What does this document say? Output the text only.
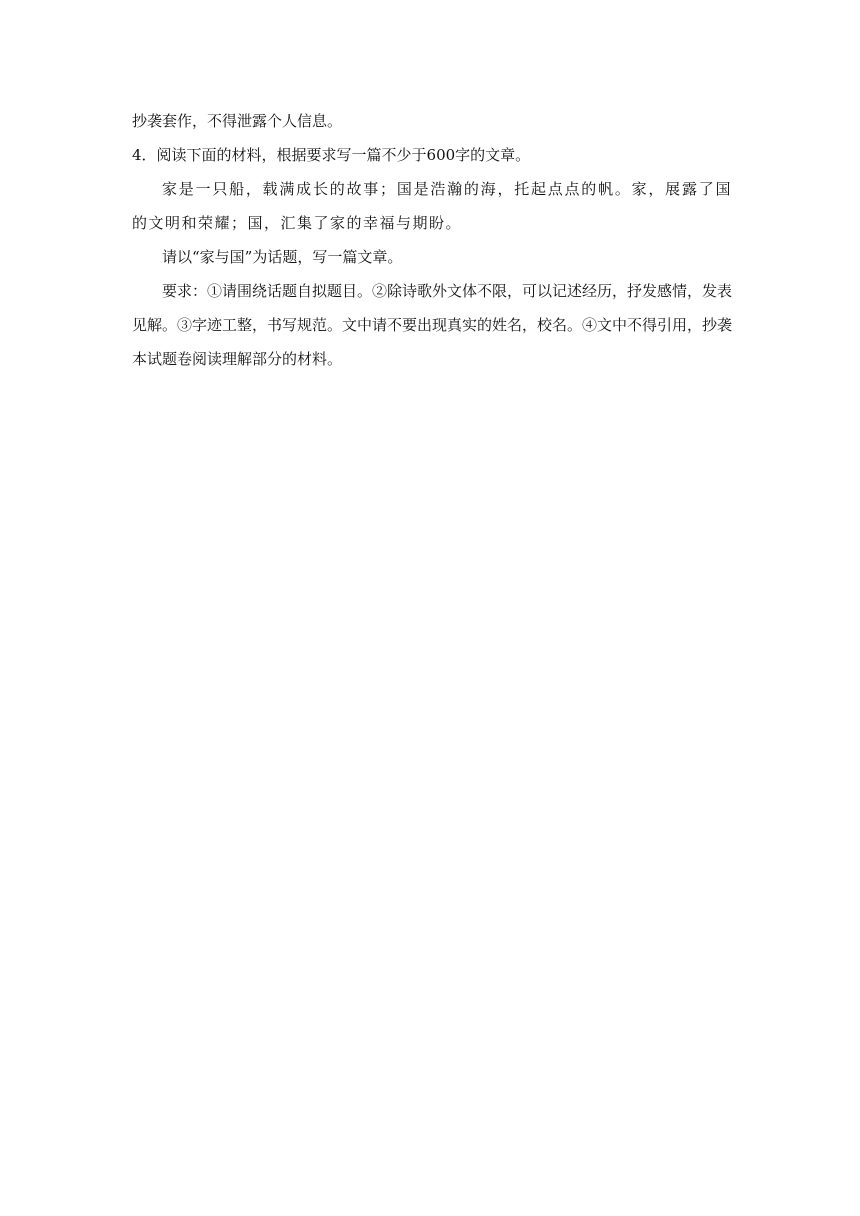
抄袭套作，不得泄露个人信息。

4．阅读下面的材料，根据要求写一篇不少于600字的文章。

家是一只船，载满成长的故事；国是浩瀚的海，托起点点的帆。家，展露了国的文明和荣耀；国，汇集了家的幸福与期盼。

请以“家与国”为话题，写一篇文章。

要求：①请围绕话题自拟题目。②除诗歌外文体不限，可以记述经历，抒发感情，发表见解。③字迹工整，书写规范。文中请不要出现真实的姓名，校名。④文中不得引用，抄袭本试题卷阅读理解部分的材料。
